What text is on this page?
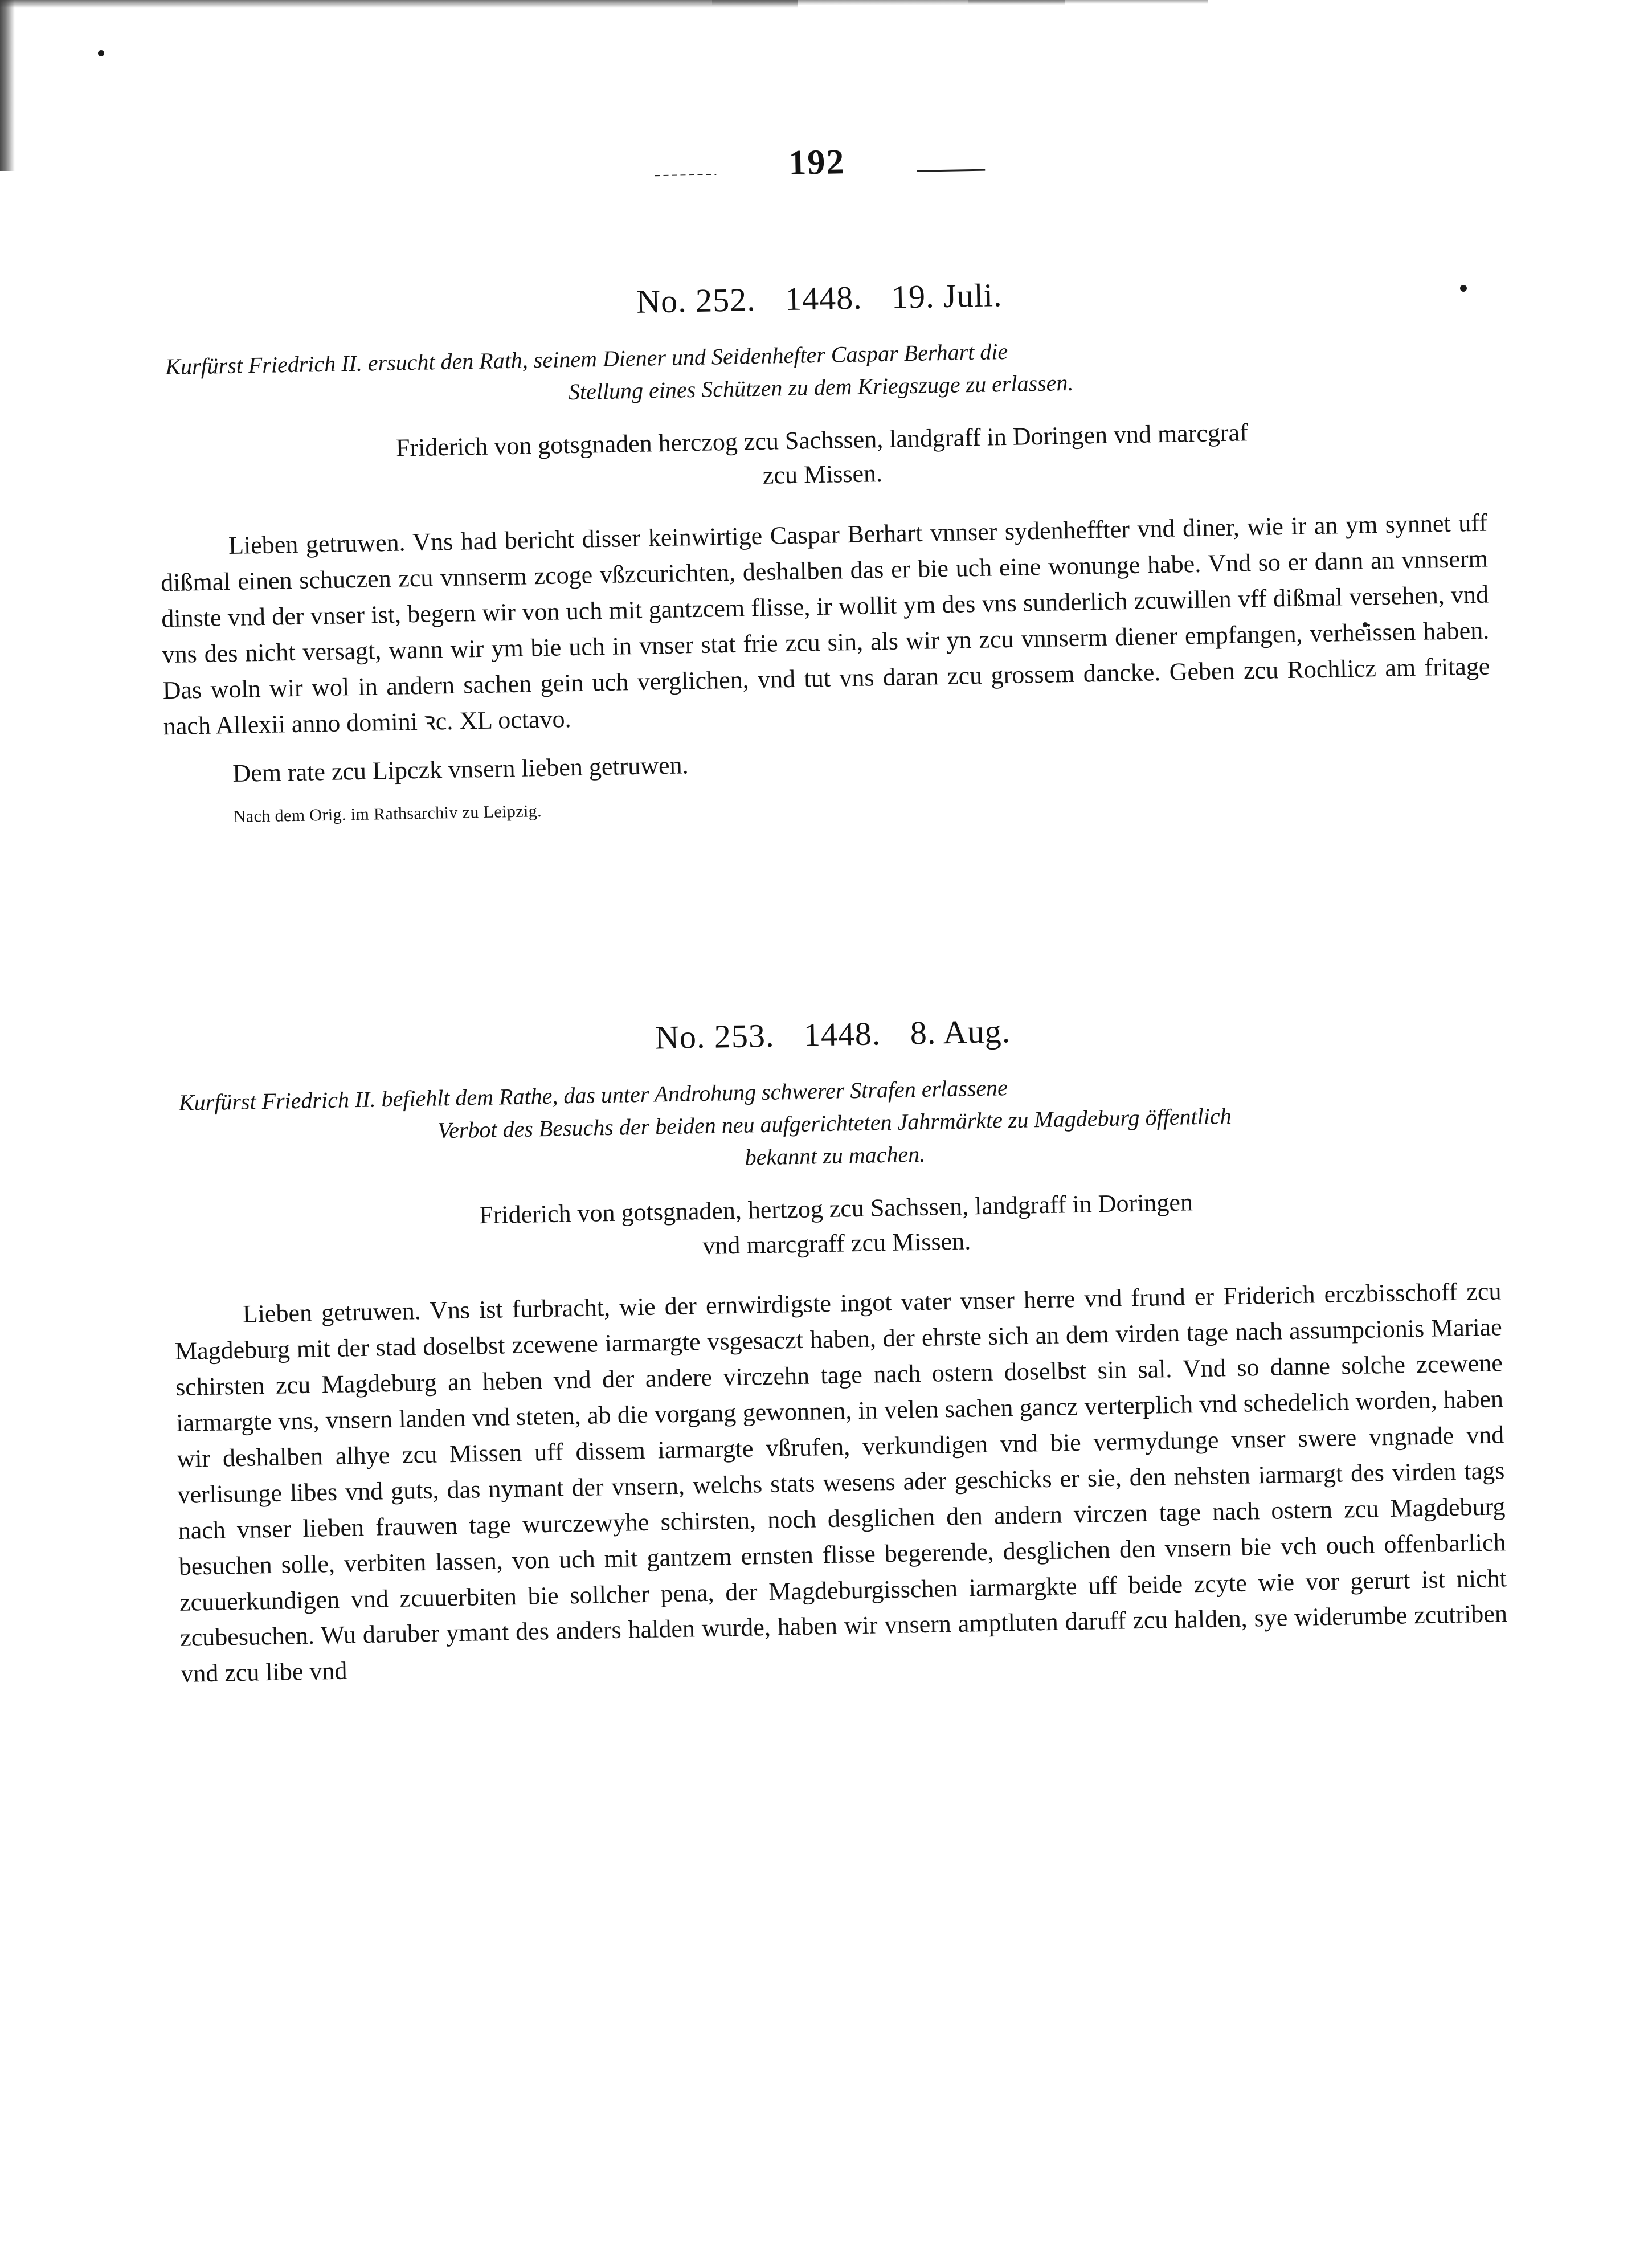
192
No. 252. 1448. 19. Juli.
Kurfürst Friedrich II. ersucht den Rath, seinem Diener und Seidenhefter Caspar Berhart die
Stellung eines Schützen zu dem Kriegszuge zu erlassen.
Friderich von gotsgnaden herczog zcu Sachssen, landgraff in Doringen vnd marcgraf
zcu Missen.

Lieben getruwen. Vns had bericht disser keinwirtige Caspar Berhart vnnser sydenheffter vnd diner, wie ir an ym synnet uff dißmal einen schuczen zcu vnnserm zcoge vßzcurichten, deshalben das er bie uch eine wonunge habe. Vnd so er dann an vnnserm dinste vnd der vnser ist, begern wir von uch mit gantzcem flisse, ir wollit ym des vns sunderlich zcuwillen vff dißmal versehen, vnd vns des nicht versagt, wann wir ym bie uch in vnser stat frie zcu sin, als wir yn zcu vnnserm diener empfangen, verheissen haben. Das woln wir wol in andern sachen gein uch verglichen, vnd tut vns daran zcu grossem dancke. Geben zcu Rochlicz am fritage nach Allexii anno domini ꝛc. XL octavo.

Dem rate zcu Lipczk vnsern lieben getruwen.
Nach dem Orig. im Rathsarchiv zu Leipzig.
No. 253. 1448. 8. Aug.
Kurfürst Friedrich II. befiehlt dem Rathe, das unter Androhung schwerer Strafen erlassene
Verbot des Besuchs der beiden neu aufgerichteten Jahrmärkte zu Magdeburg öffentlich
bekannt zu machen.
Friderich von gotsgnaden, hertzog zcu Sachssen, landgraff in Doringen
vnd marcgraff zcu Missen.

Lieben getruwen. Vns ist furbracht, wie der ernwirdigste ingot vater vnser herre vnd frund er Friderich erczbisschoff zcu Magdeburg mit der stad doselbst zcewene iarmargte vsgesaczt haben, der ehrste sich an dem virden tage nach assumpcionis Mariae schirsten zcu Magdeburg an heben vnd der andere virczehn tage nach ostern doselbst sin sal. Vnd so danne solche zcewene iarmargte vns, vnsern landen vnd steten, ab die vorgang gewonnen, in velen sachen gancz verterplich vnd schedelich worden, haben wir deshalben alhye zcu Missen uff dissem iarmargte vßrufen, verkundigen vnd bie vermydunge vnser swere vngnade vnd verlisunge libes vnd guts, das nymant der vnsern, welchs stats wesens ader geschicks er sie, den nehsten iarmargt des virden tags nach vnser lieben frauwen tage wurczewyhe schirsten, noch desglichen den andern virczen tage nach ostern zcu Magdeburg besuchen solle, verbiten lassen, von uch mit gantzem ernsten flisse begerende, desglichen den vnsern bie vch ouch offenbarlich zcuuerkundigen vnd zcuuerbiten bie sollcher pena, der Magdeburgisschen iarmargkte uff beide zcyte wie vor gerurt ist nicht zcubesuchen. Wu daruber ymant des anders halden wurde, haben wir vnsern amptluten daruff zcu halden, sye widerumbe zcutriben vnd zcu libe vnd
